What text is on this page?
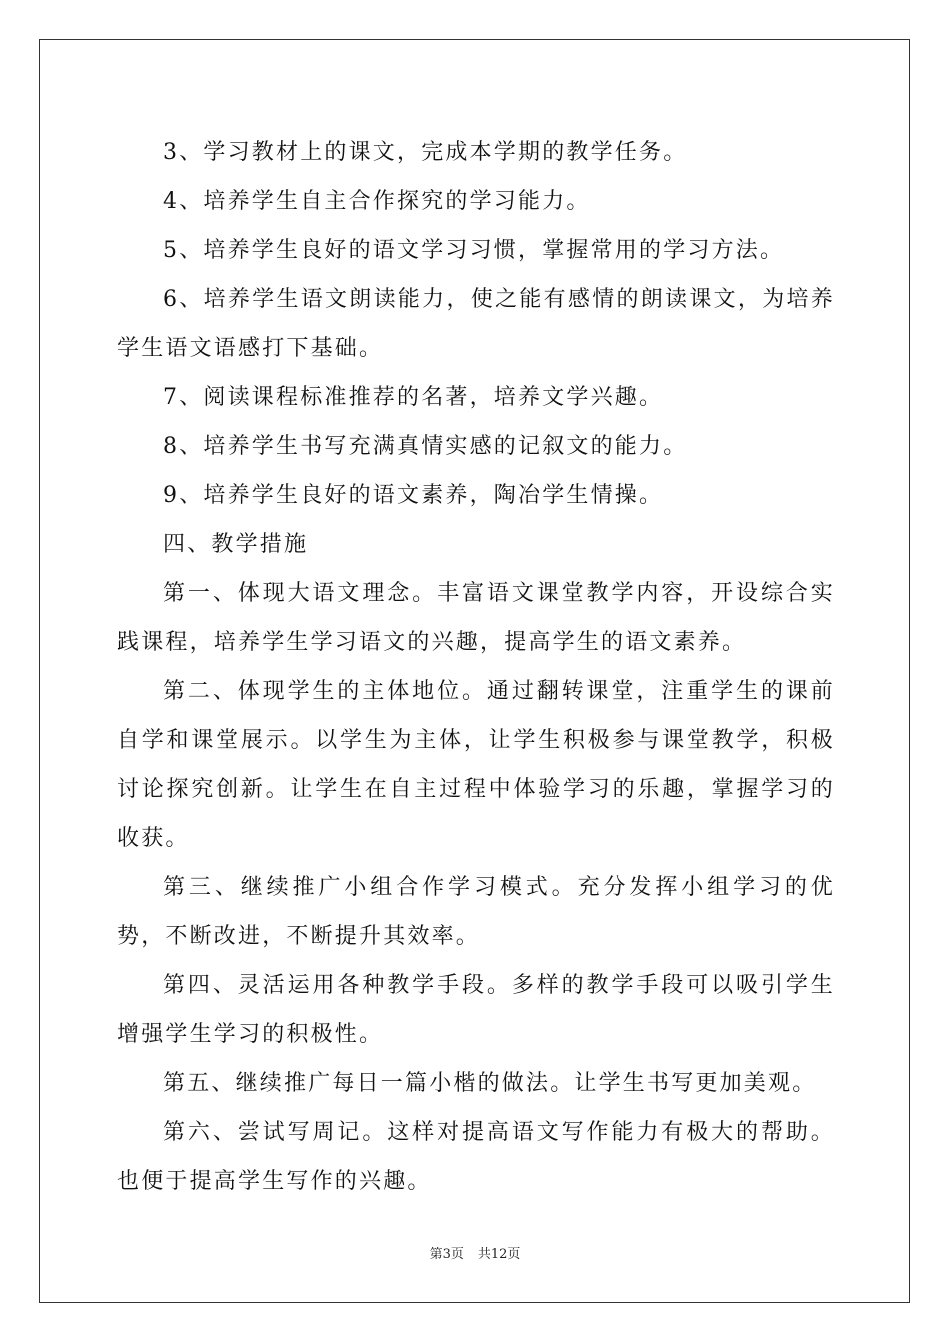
3、学习教材上的课文，完成本学期的教学任务。

4、培养学生自主合作探究的学习能力。

5、培养学生良好的语文学习习惯，掌握常用的学习方法。

6、培养学生语文朗读能力，使之能有感情的朗读课文，为培养学生语文语感打下基础。

7、阅读课程标准推荐的名著，培养文学兴趣。

8、培养学生书写充满真情实感的记叙文的能力。

9、培养学生良好的语文素养，陶冶学生情操。

四、教学措施

第一、体现大语文理念。丰富语文课堂教学内容，开设综合实践课程，培养学生学习语文的兴趣，提高学生的语文素养。

第二、体现学生的主体地位。通过翻转课堂，注重学生的课前自学和课堂展示。以学生为主体，让学生积极参与课堂教学，积极讨论探究创新。让学生在自主过程中体验学习的乐趣，掌握学习的收获。

第三、继续推广小组合作学习模式。充分发挥小组学习的优势，不断改进，不断提升其效率。

第四、灵活运用各种教学手段。多样的教学手段可以吸引学生增强学生学习的积极性。

第五、继续推广每日一篇小楷的做法。让学生书写更加美观。

第六、尝试写周记。这样对提高语文写作能力有极大的帮助。也便于提高学生写作的兴趣。

第3页 共12页
